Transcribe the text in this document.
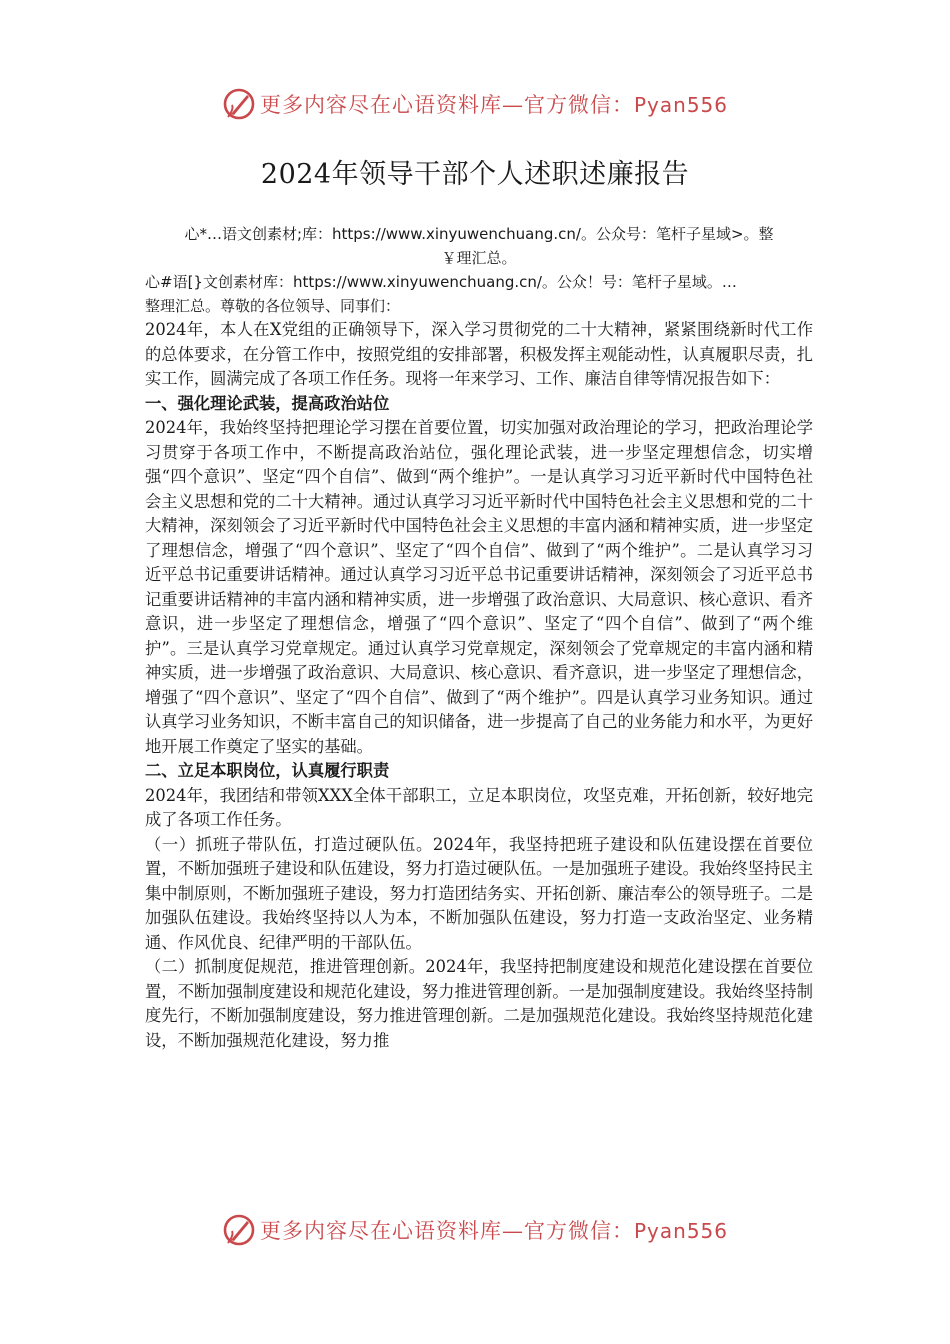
更多内容尽在心语资料库—官方微信：Pyan556
2024年领导干部个人述职述廉报告

心*…语文创素材;库：https://www.xinyuwenchuang.cn/。公众号：笔杆子星域>。整

￥理汇总。

心#语[}文创素材库：https://www.xinyuwenchuang.cn/。公众！号：笔杆子星域。…

整理汇总。尊敬的各位领导、同事们：

2024年，本人在X党组的正确领导下，深入学习贯彻党的二十大精神，紧紧围绕新时代工作的总体要求，在分管工作中，按照党组的安排部署，积极发挥主观能动性，认真履职尽责，扎实工作，圆满完成了各项工作任务。现将一年来学习、工作、廉洁自律等情况报告如下：

一、强化理论武装，提高政治站位

2024年，我始终坚持把理论学习摆在首要位置，切实加强对政治理论的学习，把政治理论学习贯穿于各项工作中，不断提高政治站位，强化理论武装，进一步坚定理想信念，切实增强“四个意识”、坚定“四个自信”、做到“两个维护”。一是认真学习习近平新时代中国特色社会主义思想和党的二十大精神。通过认真学习习近平新时代中国特色社会主义思想和党的二十大精神，深刻领会了习近平新时代中国特色社会主义思想的丰富内涵和精神实质，进一步坚定了理想信念，增强了“四个意识”、坚定了“四个自信”、做到了“两个维护”。二是认真学习习近平总书记重要讲话精神。通过认真学习习近平总书记重要讲话精神，深刻领会了习近平总书记重要讲话精神的丰富内涵和精神实质，进一步增强了政治意识、大局意识、核心意识、看齐意识，进一步坚定了理想信念，增强了“四个意识”、坚定了“四个自信”、做到了“两个维护”。三是认真学习党章规定。通过认真学习党章规定，深刻领会了党章规定的丰富内涵和精神实质，进一步增强了政治意识、大局意识、核心意识、看齐意识，进一步坚定了理想信念，增强了“四个意识”、坚定了“四个自信”、做到了“两个维护”。四是认真学习业务知识。通过认真学习业务知识，不断丰富自己的知识储备，进一步提高了自己的业务能力和水平，为更好地开展工作奠定了坚实的基础。

二、立足本职岗位，认真履行职责

2024年，我团结和带领XXX全体干部职工，立足本职岗位，攻坚克难，开拓创新，较好地完成了各项工作任务。

（一）抓班子带队伍，打造过硬队伍。2024年，我坚持把班子建设和队伍建设摆在首要位置，不断加强班子建设和队伍建设，努力打造过硬队伍。一是加强班子建设。我始终坚持民主集中制原则，不断加强班子建设，努力打造团结务实、开拓创新、廉洁奉公的领导班子。二是加强队伍建设。我始终坚持以人为本，不断加强队伍建设，努力打造一支政治坚定、业务精通、作风优良、纪律严明的干部队伍。

（二）抓制度促规范，推进管理创新。2024年，我坚持把制度建设和规范化建设摆在首要位置，不断加强制度建设和规范化建设，努力推进管理创新。一是加强制度建设。我始终坚持制度先行，不断加强制度建设，努力推进管理创新。二是加强规范化建设。我始终坚持规范化建设，不断加强规范化建设，努力推

更多内容尽在心语资料库—官方微信：Pyan556
